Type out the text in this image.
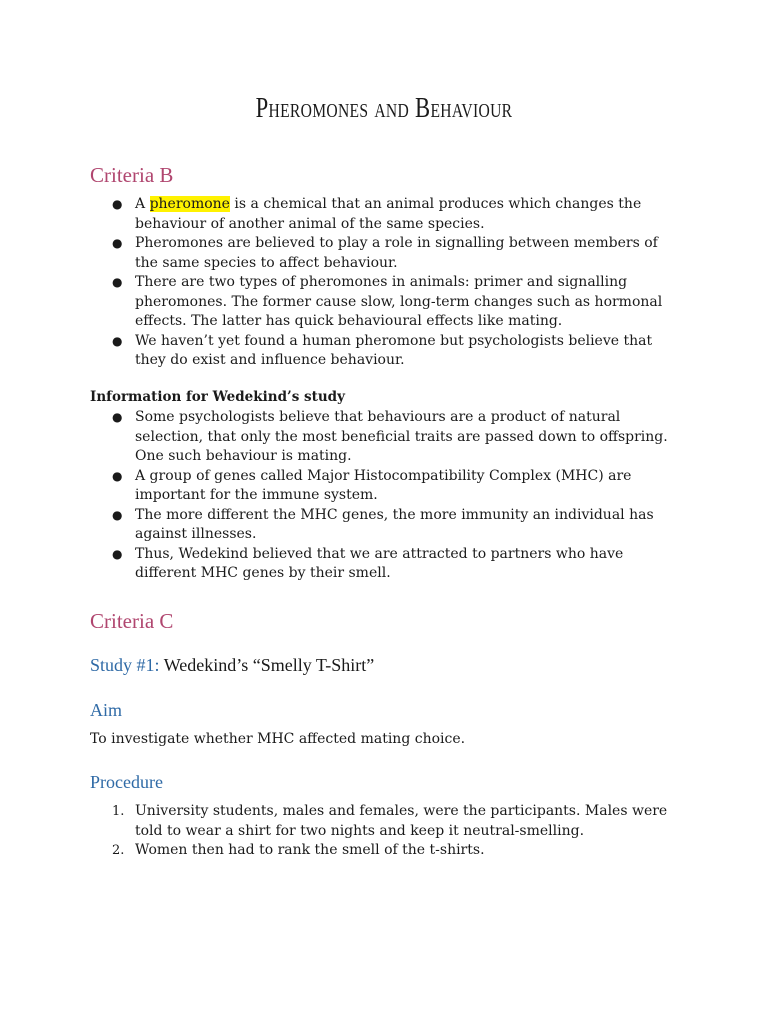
Pheromones and Behaviour
Criteria B
● A pheromone is a chemical that an animal produces which changes the behaviour of another animal of the same species.
● Pheromones are believed to play a role in signalling between members of the same species to affect behaviour.
● There are two types of pheromones in animals: primer and signalling pheromones. The former cause slow, long-term changes such as hormonal effects. The latter has quick behavioural effects like mating.
● We haven’t yet found a human pheromone but psychologists believe that they do exist and influence behaviour.
Information for Wedekind’s study
● Some psychologists believe that behaviours are a product of natural selection, that only the most beneficial traits are passed down to offspring. One such behaviour is mating.
● A group of genes called Major Histocompatibility Complex (MHC) are important for the immune system.
● The more different the MHC genes, the more immunity an individual has against illnesses.
● Thus, Wedekind believed that we are attracted to partners who have different MHC genes by their smell.
Criteria C
Study #1: Wedekind’s “Smelly T-Shirt”
Aim
To investigate whether MHC affected mating choice.
Procedure
1. University students, males and females, were the participants. Males were told to wear a shirt for two nights and keep it neutral-smelling.
2. Women then had to rank the smell of the t-shirts.
